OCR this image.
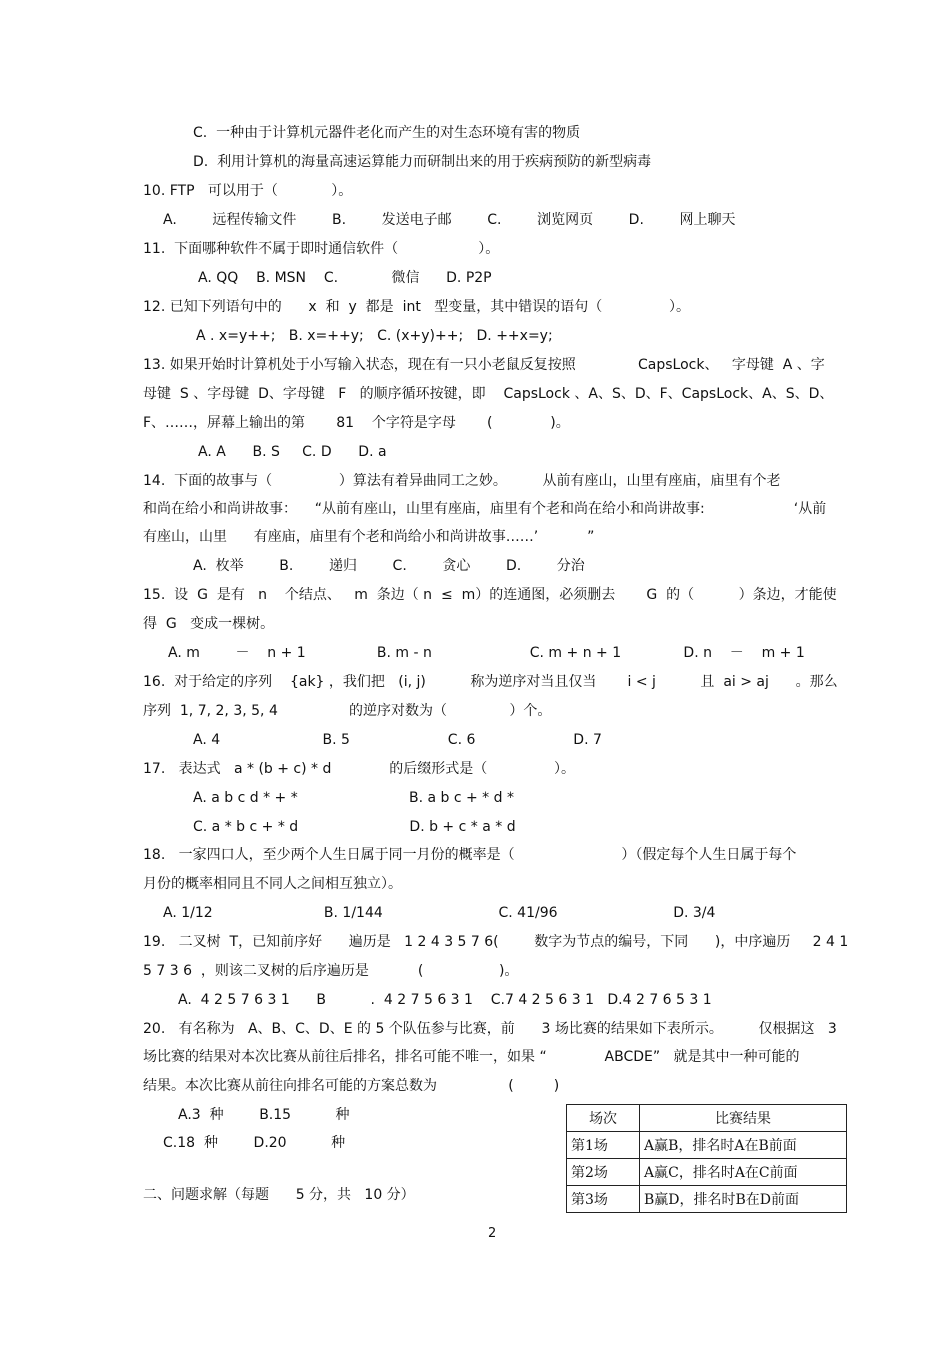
C.  一种由于计算机元器件老化而产生的对生态环境有害的物质
D.  利用计算机的海量高速运算能力而研制出来的用于疾病预防的新型病毒
10. FTP   可以用于（            ）。
A.        远程传输文件        B.        发送电子邮        C.        浏览网页        D.        网上聊天
11.  下面哪种软件不属于即时通信软件（                  ）。
A. QQ    B. MSN    C.            微信      D. P2P
12. 已知下列语句中的      x  和  y  都是  int   型变量，其中错误的语句（               ）。
A . x=y++;   B. x=++y;   C. (x+y)++;   D. ++x=y;
13. 如果开始时计算机处于小写输入状态，现在有一只小老鼠反复按照              CapsLock、   字母键  A 、字
母键  S 、字母键  D、字母键   F   的顺序循环按键，即    CapsLock 、A、S、D、F、CapsLock、A、S、D、
F、……，屏幕上输出的第       81    个字符是字母       (             )。
A. A      B. S     C. D      D. a
14.  下面的故事与（               ）算法有着异曲同工之妙。        从前有座山，山里有座庙，庙里有个老
和尚在给小和尚讲故事：    “从前有座山，山里有座庙，庙里有个老和尚在给小和尚讲故事:                    ‘从前
有座山，山里      有座庙，庙里有个老和尚给小和尚讲故事……’           ”
A.  枚举        B.        递归        C.        贪心        D.        分治
15.  设  G  是有   n    个结点、   m  条边（ n  ≤  m）的连通图，必须删去       G  的（          ）条边，才能使
得  G   变成一棵树。
A. m        －    n + 1                B. m - n                      C. m + n + 1              D. n    －    m + 1
16.  对于给定的序列    {ak} ，我们把   (i, j)          称为逆序对当且仅当       i < j          且  ai > aj      。那么
序列  1, 7, 2, 3, 5, 4                的逆序对数为（              ）个。
A. 4                       B. 5                      C. 6                      D. 7
17.   表达式   a * (b + c) * d             的后缀形式是（               ）。
A. a b c d * + *                         B. a b c + * d *
C. a * b c + * d                         D. b + c * a * d
18.   一家四口人，至少两个人生日属于同一月份的概率是（                        ）（假定每个人生日属于每个
月份的概率相同且不同人之间相互独立）。
A. 1/12                         B. 1/144                          C. 41/96                          D. 3/4
19.   二叉树  T，已知前序好      遍历是   1 2 4 3 5 7 6(        数字为节点的编号，下同      )，中序遍历     2 4 1
5 7 3 6  ，则该二叉树的后序遍历是           (                 )。
A.  4 2 5 7 6 3 1      B          .  4 2 7 5 6 3 1    C.7 4 2 5 6 3 1   D.4 2 7 6 5 3 1
20.   有名称为   A、B、C、D、E 的 5 个队伍参与比赛，前      3 场比赛的结果如下表所示。        仅根据这   3
场比赛的结果对本次比赛从前往后排名，排名可能不唯一，如果 “             ABCDE”   就是其中一种可能的
结果。本次比赛从前往向排名可能的方案总数为                (         )
A.3  种        B.15          种
C.18  种        D.20          种
二、问题求解（每题      5 分，共   10 分）
场次	比赛结果
第1场	A赢B，排名时A在B前面
第2场	A赢C，排名时A在C前面
第3场	B赢D，排名时B在D前面
2
